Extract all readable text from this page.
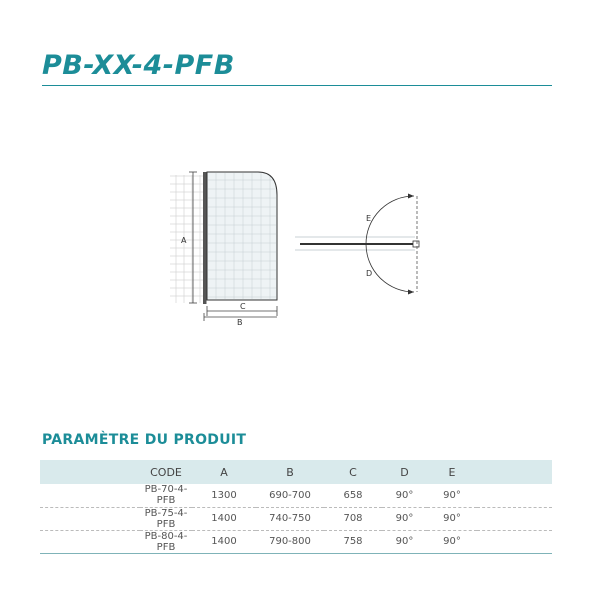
PB-XX-4-PFB
A
C
B
E
D
PARAMÈTRE DU PRODUIT
	CODE	A	B	C	D	E	
	PB-70-4-PFB	1300	690-700	658	90°	90°	
	PB-75-4-PFB	1400	740-750	708	90°	90°	
	PB-80-4-PFB	1400	790-800	758	90°	90°	
